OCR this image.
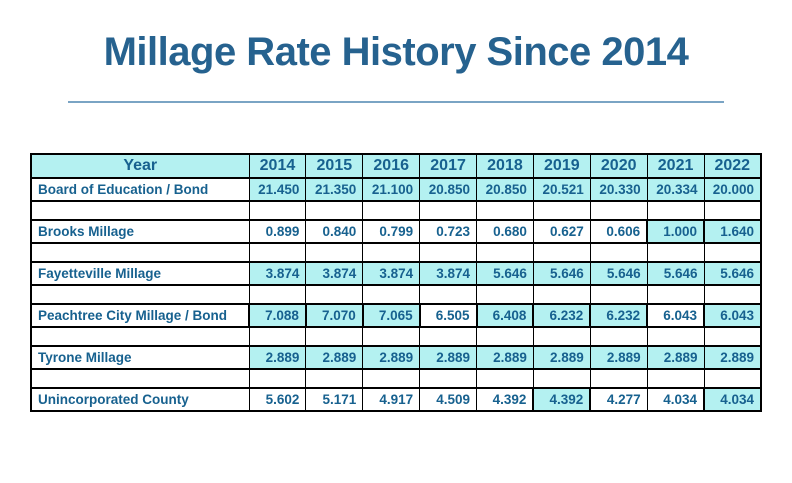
Millage Rate History Since 2014
Year	2014	2015	2016	2017	2018	2019	2020	2021	2022
Board of Education / Bond	21.450	21.350	21.100	20.850	20.850	20.521	20.330	20.334	20.000

Brooks Millage	0.899	0.840	0.799	0.723	0.680	0.627	0.606	1.000	1.640

Fayetteville Millage	3.874	3.874	3.874	3.874	5.646	5.646	5.646	5.646	5.646

Peachtree City Millage / Bond	7.088	7.070	7.065	6.505	6.408	6.232	6.232	6.043	6.043

Tyrone Millage	2.889	2.889	2.889	2.889	2.889	2.889	2.889	2.889	2.889

Unincorporated County	5.602	5.171	4.917	4.509	4.392	4.392	4.277	4.034	4.034
